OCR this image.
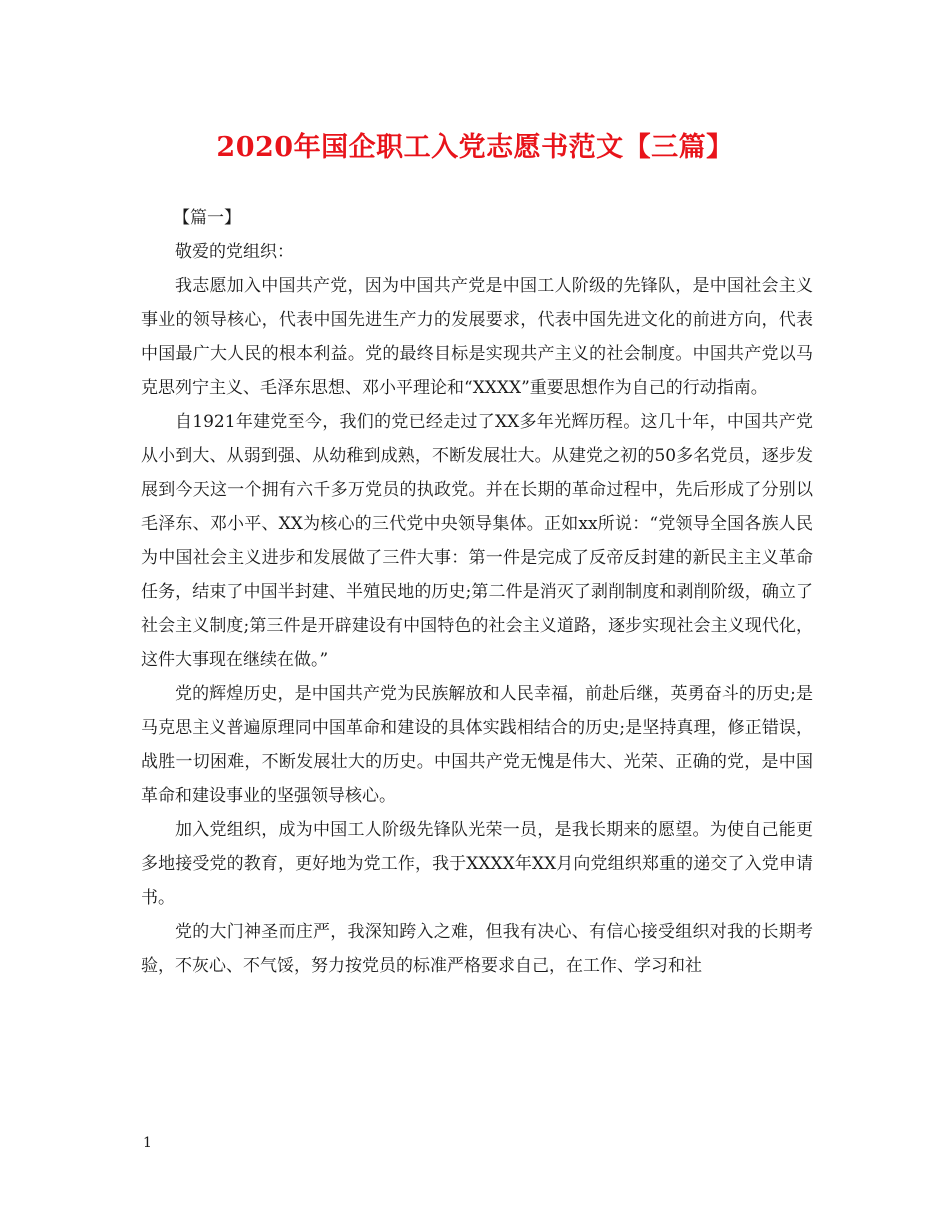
2020年国企职工入党志愿书范文【三篇】

【篇一】

敬爱的党组织：

我志愿加入中国共产党，因为中国共产党是中国工人阶级的先锋队，是中国社会主义事业的领导核心，代表中国先进生产力的发展要求，代表中国先进文化的前进方向，代表中国最广大人民的根本利益。党的最终目标是实现共产主义的社会制度。中国共产党以马克思列宁主义、毛泽东思想、邓小平理论和“XXXX”重要思想作为自己的行动指南。

自1921年建党至今，我们的党已经走过了XX多年光辉历程。这几十年，中国共产党从小到大、从弱到强、从幼稚到成熟，不断发展壮大。从建党之初的50多名党员，逐步发展到今天这一个拥有六千多万党员的执政党。并在长期的革命过程中，先后形成了分别以毛泽东、邓小平、XX为核心的三代党中央领导集体。正如xx所说：“党领导全国各族人民为中国社会主义进步和发展做了三件大事：第一件是完成了反帝反封建的新民主主义革命任务，结束了中国半封建、半殖民地的历史;第二件是消灭了剥削制度和剥削阶级，确立了社会主义制度;第三件是开辟建设有中国特色的社会主义道路，逐步实现社会主义现代化，这件大事现在继续在做。”

党的辉煌历史，是中国共产党为民族解放和人民幸福，前赴后继，英勇奋斗的历史;是马克思主义普遍原理同中国革命和建设的具体实践相结合的历史;是坚持真理，修正错误，战胜一切困难，不断发展壮大的历史。中国共产党无愧是伟大、光荣、正确的党，是中国革命和建设事业的坚强领导核心。

加入党组织，成为中国工人阶级先锋队光荣一员，是我长期来的愿望。为使自己能更多地接受党的教育，更好地为党工作，我于XXXX年XX月向党组织郑重的递交了入党申请书。

党的大门神圣而庄严，我深知跨入之难，但我有决心、有信心接受组织对我的长期考验，不灰心、不气馁，努力按党员的标准严格要求自己，在工作、学习和社

1
